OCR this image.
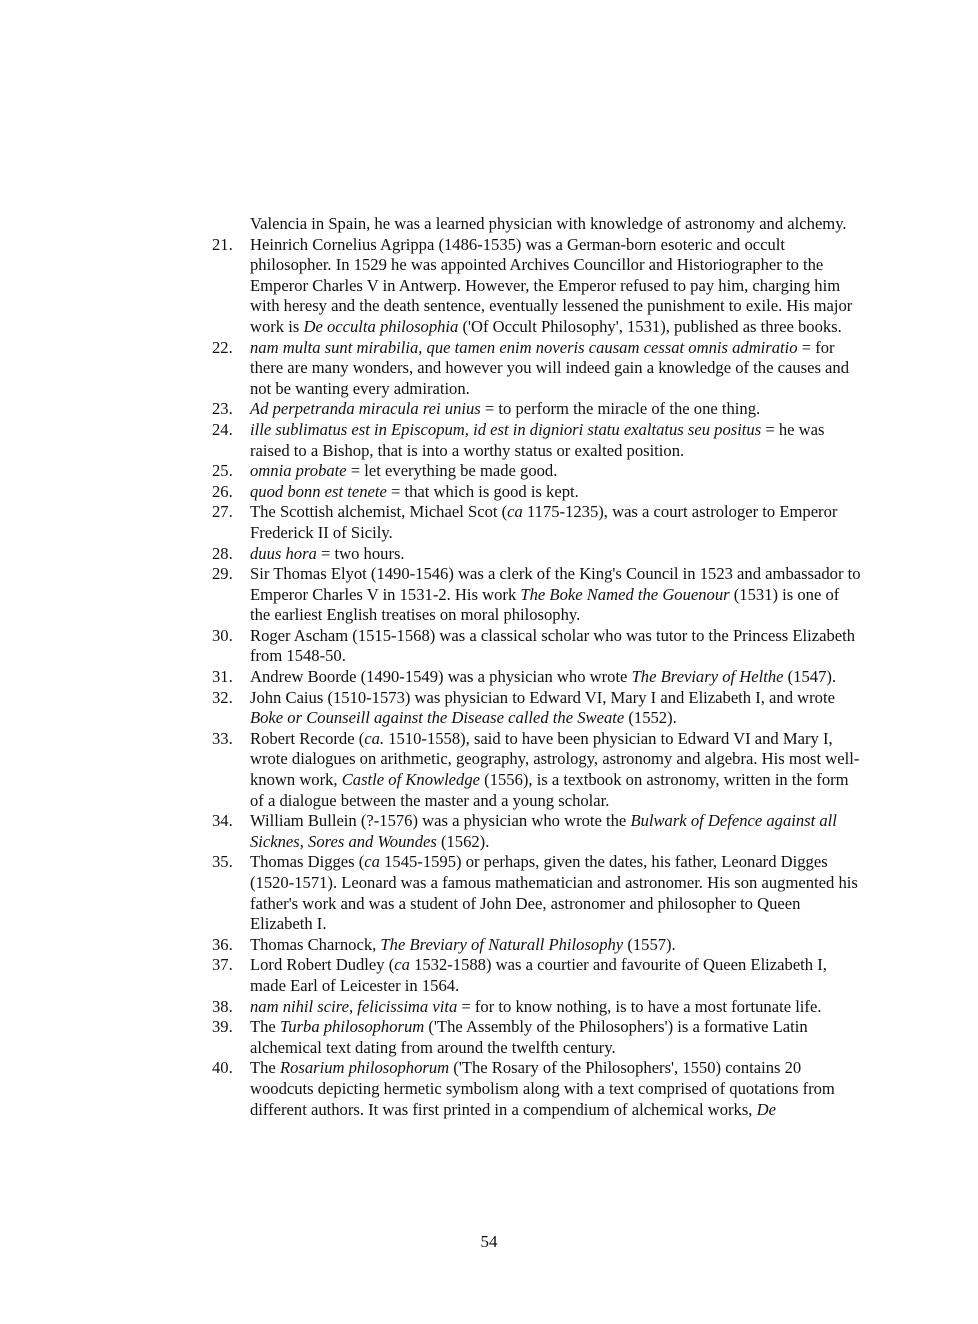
Valencia in Spain, he was a learned physician with knowledge of astronomy and alchemy.
21.	Heinrich Cornelius Agrippa (1486-1535) was a German-born esoteric and occult philosopher. In 1529 he was appointed Archives Councillor and Historiographer to the Emperor Charles V in Antwerp. However, the Emperor refused to pay him, charging him with heresy and the death sentence, eventually lessened the punishment to exile. His major work is De occulta philosophia ('Of Occult Philosophy', 1531), published as three books.
22.	nam multa sunt mirabilia, que tamen enim noveris causam cessat omnis admiratio = for there are many wonders, and however you will indeed gain a knowledge of the causes and not be wanting every admiration.
23.	Ad perpetranda miracula rei unius = to perform the miracle of the one thing.
24.	ille sublimatus est in Episcopum, id est in digniori statu exaltatus seu positus = he was raised to a Bishop, that is into a worthy status or exalted position.
25.	omnia probate = let everything be made good.
26.	quod bonn est tenete = that which is good is kept.
27.	The Scottish alchemist, Michael Scot (ca 1175-1235), was a court astrologer to Emperor Frederick II of Sicily.
28.	duus hora = two hours.
29.	Sir Thomas Elyot (1490-1546) was a clerk of the King's Council in 1523 and ambassador to Emperor Charles V in 1531-2. His work The Boke Named the Gouenour (1531) is one of the earliest English treatises on moral philosophy.
30.	Roger Ascham (1515-1568) was a classical scholar who was tutor to the Princess Elizabeth from 1548-50.
31.	Andrew Boorde (1490-1549) was a physician who wrote The Breviary of Helthe (1547).
32.	John Caius (1510-1573) was physician to Edward VI, Mary I and Elizabeth I, and wrote Boke or Counseill against the Disease called the Sweate (1552).
33.	Robert Recorde (ca. 1510-1558), said to have been physician to Edward VI and Mary I, wrote dialogues on arithmetic, geography, astrology, astronomy and algebra. His most well-known work, Castle of Knowledge (1556), is a textbook on astronomy, written in the form of a dialogue between the master and a young scholar.
34.	William Bullein (?-1576) was a physician who wrote the Bulwark of Defence against all Sicknes, Sores and Woundes (1562).
35.	Thomas Digges (ca 1545-1595) or perhaps, given the dates, his father, Leonard Digges (1520-1571). Leonard was a famous mathematician and astronomer. His son augmented his father's work and was a student of John Dee, astronomer and philosopher to Queen Elizabeth I.
36.	Thomas Charnock, The Breviary of Naturall Philosophy (1557).
37.	Lord Robert Dudley (ca 1532-1588) was a courtier and favourite of Queen Elizabeth I, made Earl of Leicester in 1564.
38.	nam nihil scire, felicissima vita = for to know nothing, is to have a most fortunate life.
39.	The Turba philosophorum ('The Assembly of the Philosophers') is a formative Latin alchemical text dating from around the twelfth century.
40.	The Rosarium philosophorum ('The Rosary of the Philosophers', 1550) contains 20 woodcuts depicting hermetic symbolism along with a text comprised of quotations from different authors. It was first printed in a compendium of alchemical works, De
54
